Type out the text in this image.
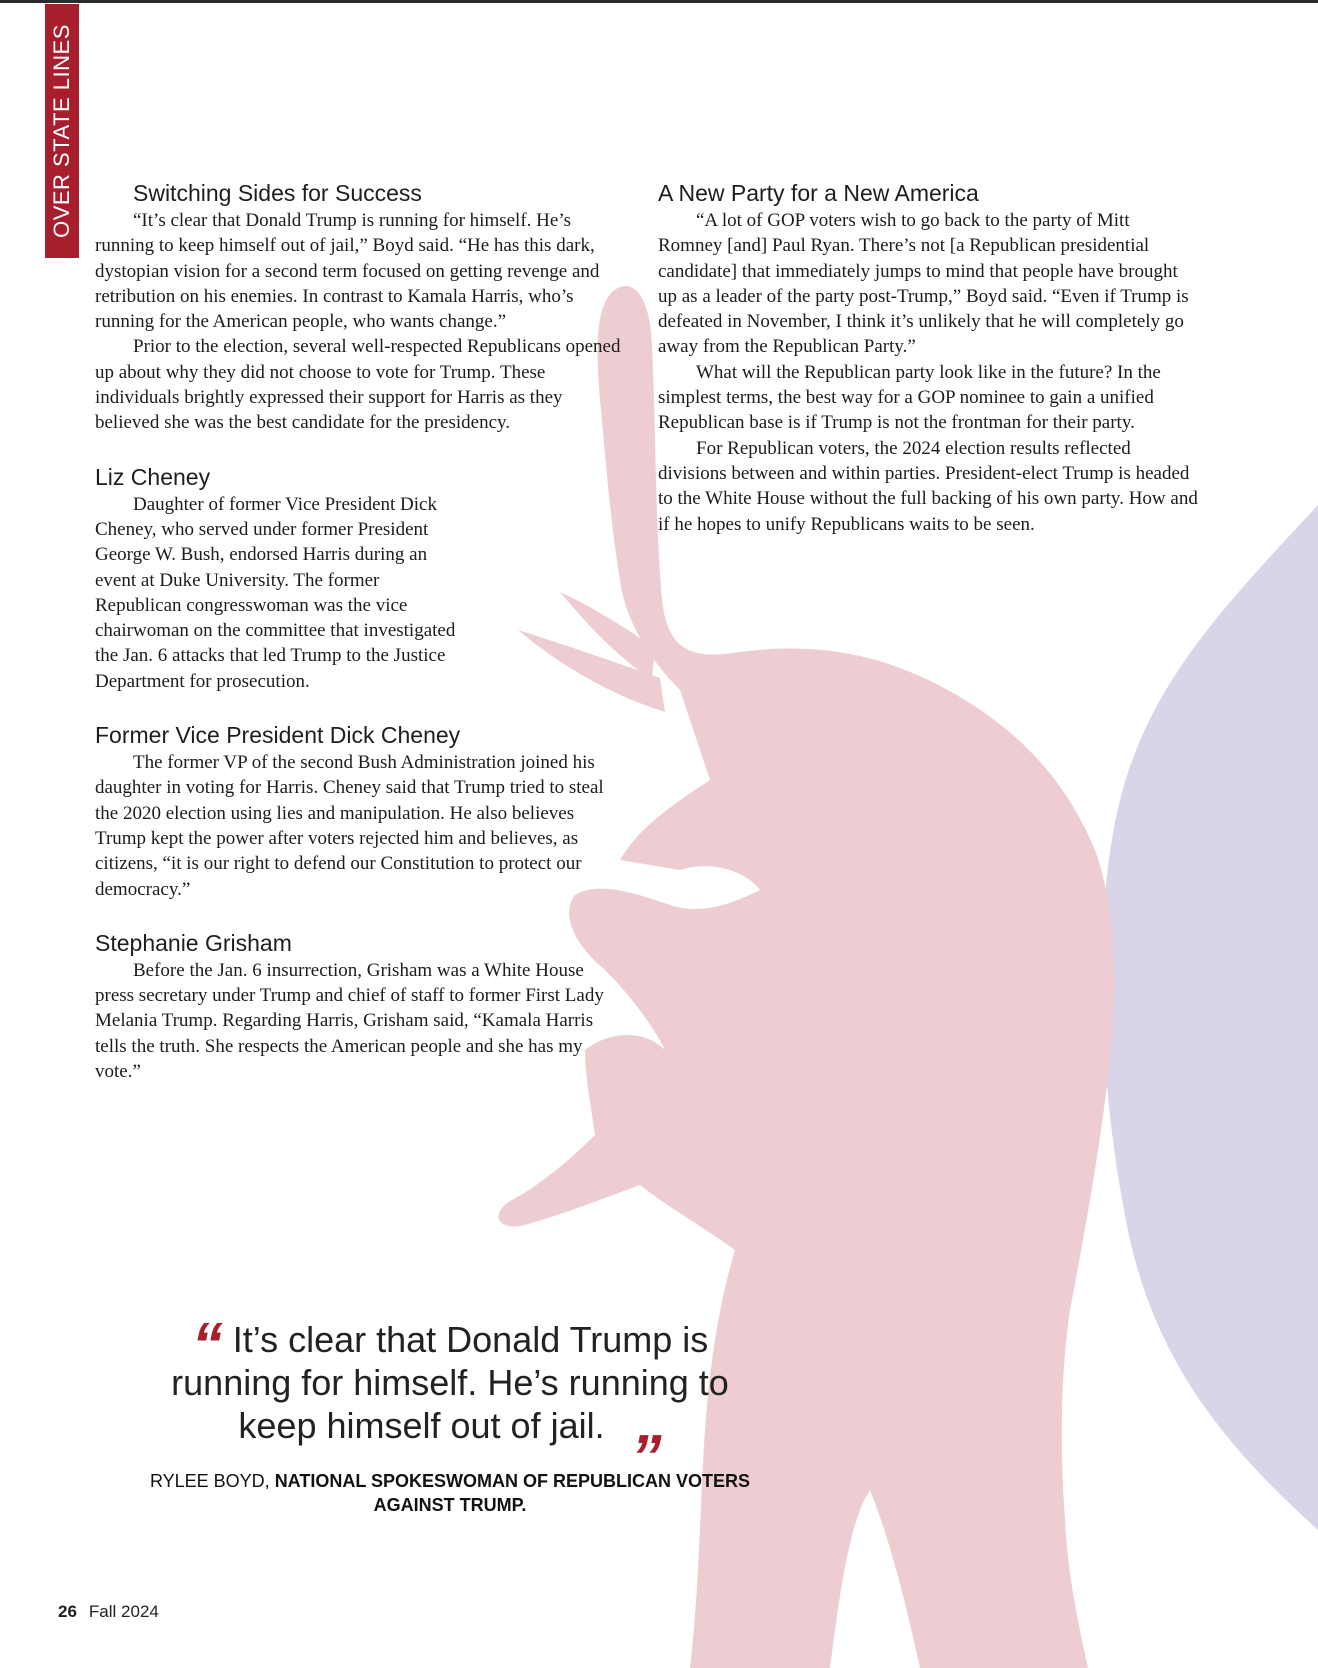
OVER STATE LINES	Switching Sides for Success

“It’s clear that Donald Trump is running for himself. He’s running to keep himself out of jail,” Boyd said. “He has this dark, dystopian vision for a second term focused on getting revenge and retribution on his enemies. In contrast to Kamala Harris, who’s running for the American people, who wants change.”

Prior to the election, several well-respected Republicans opened up about why they did not choose to vote for Trump. These individuals brightly expressed their support for Harris as they believed she was the best candidate for the presidency.

Liz Cheney

Daughter of former Vice President Dick Cheney, who served under former President George W. Bush, endorsed Harris during an event at Duke University. The former Republican congresswoman was the vice chairwoman on the committee that investigated the Jan. 6 attacks that led Trump to the Justice Department for prosecution.

Former Vice President Dick Cheney

The former VP of the second Bush Administration joined his daughter in voting for Harris. Cheney said that Trump tried to steal the 2020 election using lies and manipulation. He also believes Trump kept the power after voters rejected him and believes, as citizens, “it is our right to defend our Constitution to protect our democracy.”

Stephanie Grisham

Before the Jan. 6 insurrection, Grisham was a White House press secretary under Trump and chief of staff to former First Lady Melania Trump. Regarding Harris, Grisham said, “Kamala Harris tells the truth. She respects the American people and she has my vote.”

A New Party for a New America

“A lot of GOP voters wish to go back to the party of Mitt Romney [and] Paul Ryan. There’s not [a Republican presidential candidate] that immediately jumps to mind that people have brought up as a leader of the party post-Trump,” Boyd said. “Even if Trump is defeated in November, I think it’s unlikely that he will completely go away from the Republican Party.”

What will the Republican party look like in the future? In the simplest terms, the best way for a GOP nominee to gain a unified Republican base is if Trump is not the frontman for their party.

For Republican voters, the 2024 election results reflected divisions between and within parties. President-elect Trump is headed to the White House without the full backing of his own party. How and if he hopes to unify Republicans waits to be seen.

“ It’s clear that Donald Trump is running for himself. He’s running to keep himself out of jail. ”

RYLEE BOYD, NATIONAL SPOKESWOMAN OF REPUBLICAN VOTERS AGAINST TRUMP.
26 Fall 2024
